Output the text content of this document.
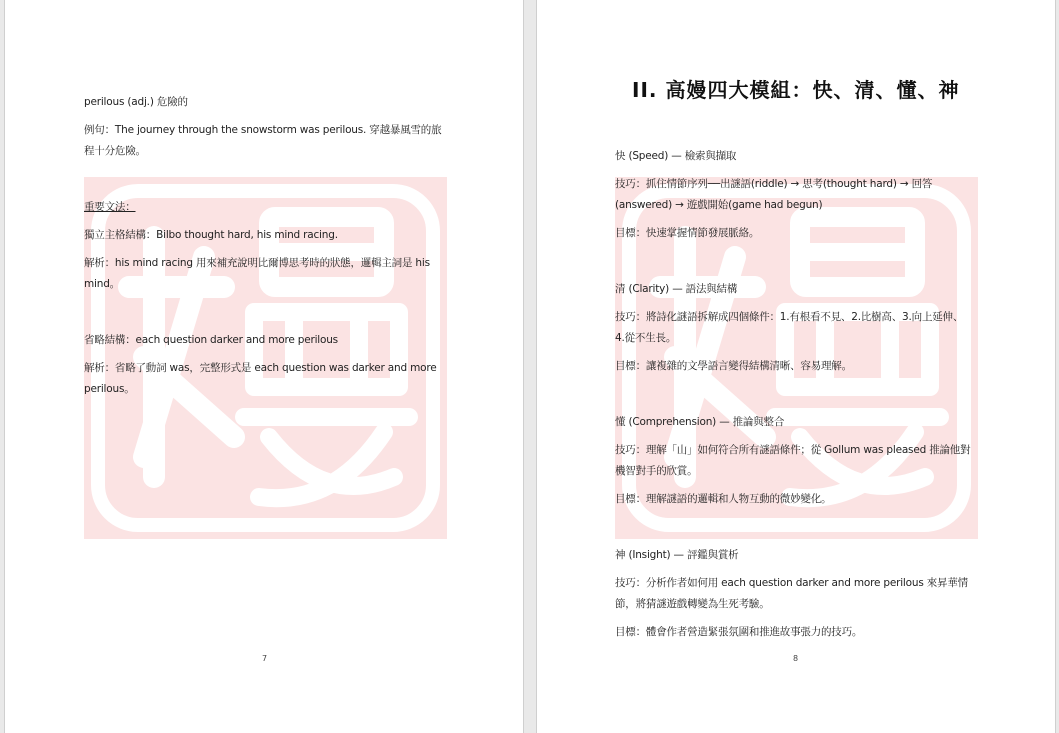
perilous (adj.) 危險的
例句：The journey through the snowstorm was perilous. 穿越暴風雪的旅
程十分危險。
重要文法：
獨立主格結構：Bilbo thought hard, his mind racing.
解析：his mind racing 用來補充說明比爾博思考時的狀態，邏輯主詞是 his
mind。
省略結構：each question darker and more perilous
解析：省略了動詞 was，完整形式是 each question was darker and more
perilous。
7
II. 高嫚四大模組：快、清、懂、神
快 (Speed) — 檢索與擷取
技巧：抓住情節序列──出謎語(riddle) → 思考(thought hard) → 回答
(answered) → 遊戲開始(game had begun)
目標：快速掌握情節發展脈絡。
清 (Clarity) — 語法與結構
技巧：將詩化謎語拆解成四個條件：1.有根看不見、2.比樹高、3.向上延伸、
4.從不生長。
目標：讓複雜的文學語言變得結構清晰、容易理解。
懂 (Comprehension) — 推論與整合
技巧：理解「山」如何符合所有謎語條件；從 Gollum was pleased 推論他對
機智對手的欣賞。
目標：理解謎語的邏輯和人物互動的微妙變化。
神 (Insight) — 評鑑與賞析
技巧：分析作者如何用 each question darker and more perilous 來昇華情
節，將猜謎遊戲轉變為生死考驗。
目標：體會作者營造緊張氛圍和推進故事張力的技巧。
8
